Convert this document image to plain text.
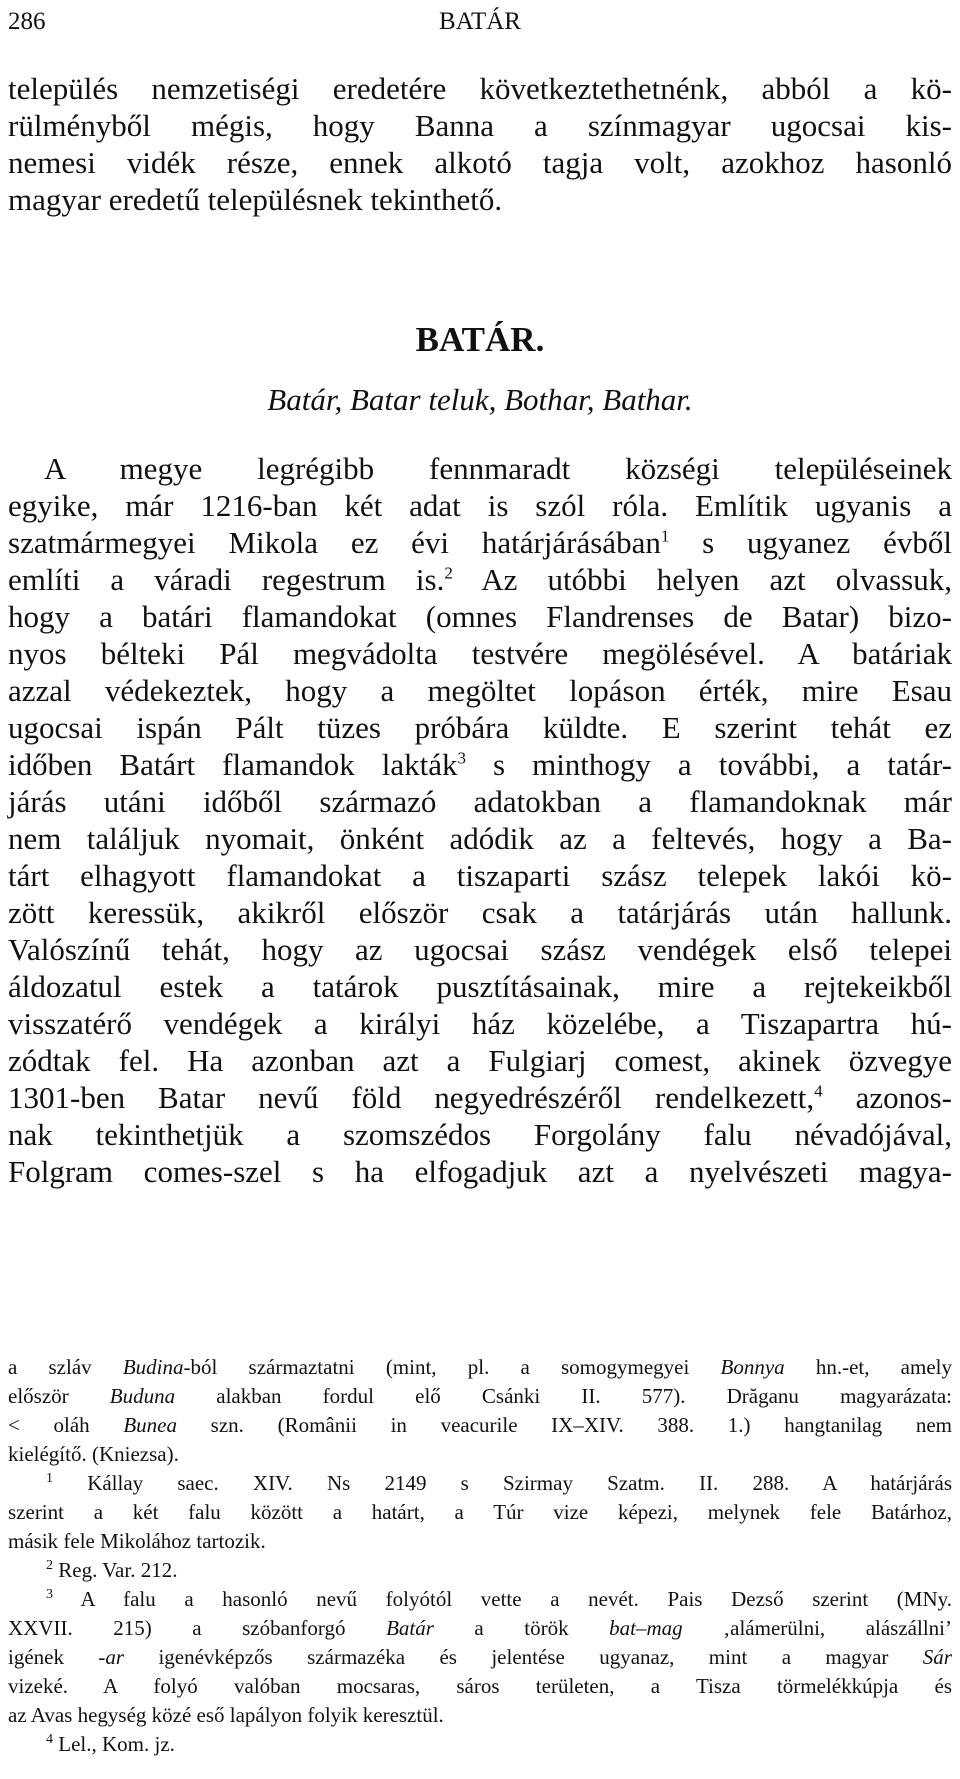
286	BATÁR

település nemzetiségi eredetére következtethetnénk, abból a kö-

rülményből mégis, hogy Banna a színmagyar ugocsai kis-

nemesi vidék része, ennek alkotó tagja volt, azokhoz hasonló

magyar eredetű településnek tekinthető.

BATÁR.
Batár, Batar teluk, Bothar, Bathar.

A megye legrégibb fennmaradt községi településeinek

egyike, már 1216-ban két adat is szól róla. Említik ugyanis a

szatmármegyei Mikola ez évi határjárásában$^1$ s ugyanez évből

említi a váradi regestrum is.$^2$ Az utóbbi helyen azt olvassuk,

hogy a batári flamandokat (omnes Flandrenses de Batar) bizo-

nyos bélteki Pál megvádolta testvére megölésével. A batáriak

azzal védekeztek, hogy a megöltet lopáson érték, mire Esau

ugocsai ispán Pált tüzes próbára küldte. E szerint tehát ez

időben Batárt flamandok lakták$^3$ s minthogy a további, a tatár-

járás utáni időből származó adatokban a flamandoknak már

nem találjuk nyomait, önként adódik az a feltevés, hogy a Ba-

tárt elhagyott flamandokat a tiszaparti szász telepek lakói kö-

zött keressük, akikről először csak a tatárjárás után hallunk.

Valószínű tehát, hogy az ugocsai szász vendégek első telepei

áldozatul estek a tatárok pusztításainak, mire a rejtekeikből

visszatérő vendégek a királyi ház közelébe, a Tiszapartra hú-

zódtak fel. Ha azonban azt a Fulgiarj comest, akinek özvegye

1301-ben Batar nevű föld negyedrészéről rendelkezett,$^4$ azonos-

nak tekinthetjük a szomszédos Forgolány falu névadójával,

Folgram comes-szel s ha elfogadjuk azt a nyelvészeti magya-

a szláv Budina-ból származtatni (mint, pl. a somogymegyei Bonnya hn.-et, amely

először Buduna alakban fordul elő Csánki II. 577). Drăganu magyarázata:

< oláh Bunea szn. (Românii in veacurile IX–XIV. 388. 1.) hangtanilag nem

kielégítő. (Kniezsa).

$^1$ Kállay saec. XIV. Ns 2149 s Szirmay Szatm. II. 288. A határjárás

szerint a két falu között a határt, a Túr vize képezi, melynek fele Batárhoz,

másik fele Mikolához tartozik.

$^2$ Reg. Var. 212.

$^3$ A falu a hasonló nevű folyótól vette a nevét. Pais Dezső szerint (MNy.

XXVII. 215) a szóbanforgó Batár a török bat–mag ‚alámerülni, alászállni’

igének -ar igenévképzős származéka és jelentése ugyanaz, mint a magyar Sár

vizeké. A folyó valóban mocsaras, sáros területen, a Tisza törmelékkúpja és

az Avas hegység közé eső lapályon folyik keresztül.

$^4$ Lel., Kom. jz.
